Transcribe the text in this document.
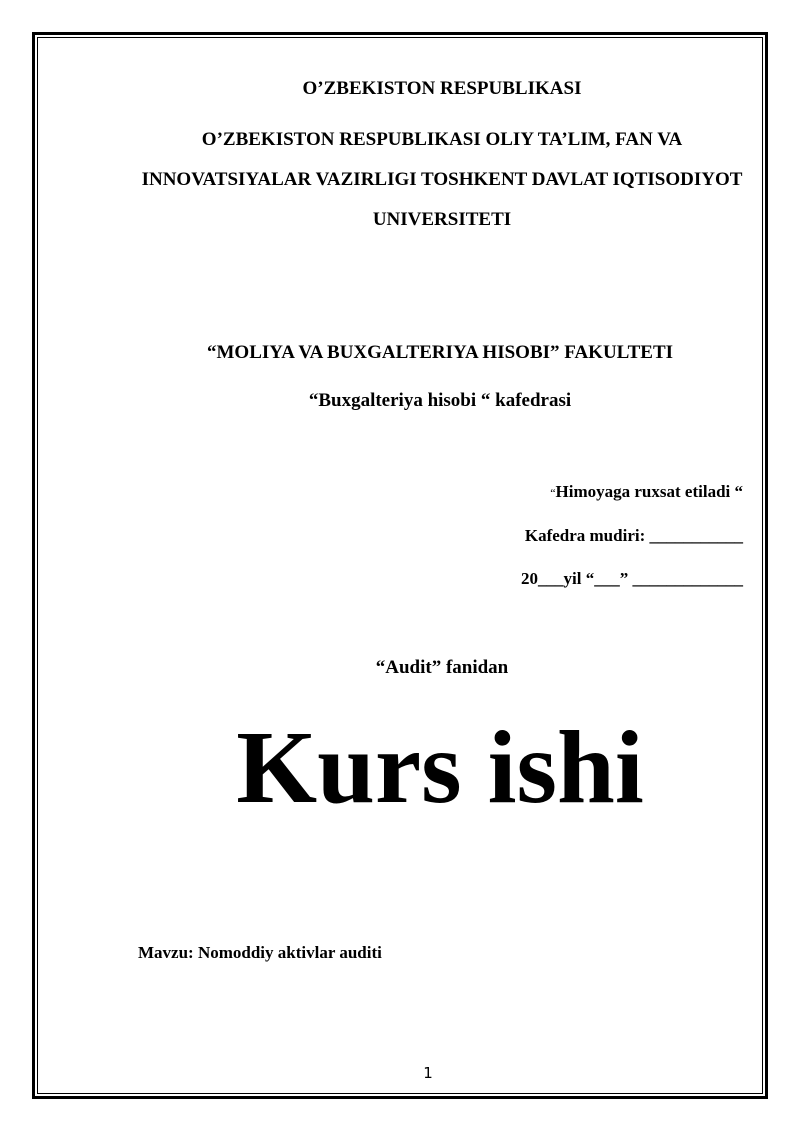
O’ZBEKISTON RESPUBLIKASI
O’ZBEKISTON RESPUBLIKASI OLIY TA’LIM, FAN VA INNOVATSIYALAR VAZIRLIGI TOSHKENT DAVLAT IQTISODIYOT UNIVERSITETI
“MOLIYA VA BUXGALTERIYA HISOBI” FAKULTETI
“Buxgalteriya hisobi “ kafedrasi
“Himoyaga ruxsat etiladi “
Kafedra mudiri: ___________
20___yil “___” _____________
“Audit” fanidan
Kurs ishi
Mavzu: Nomoddiy aktivlar auditi
1
